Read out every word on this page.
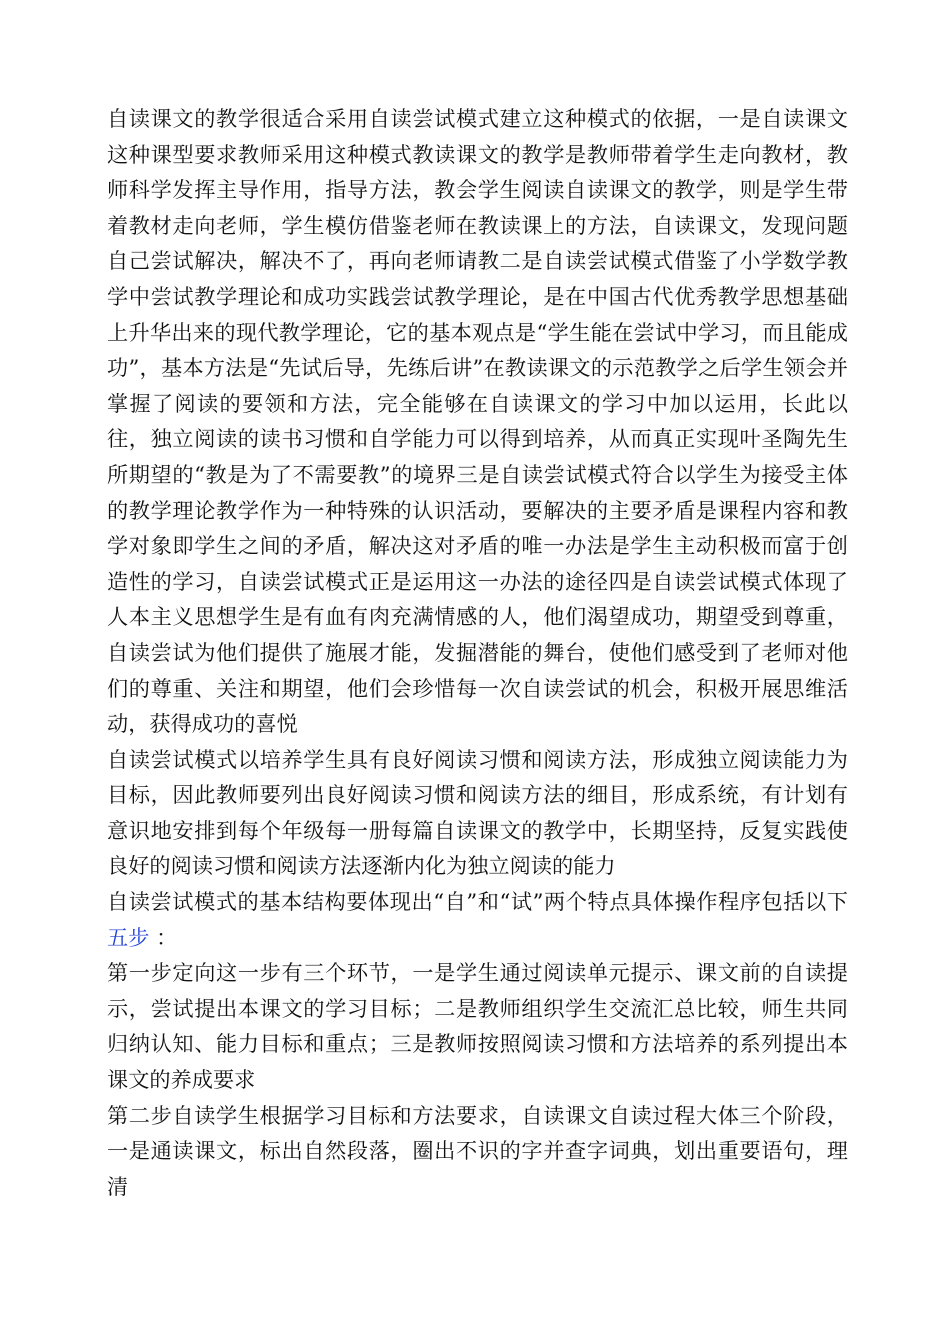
自读课文的教学很适合采用自读尝试模式建立这种模式的依据，一是自读课文这种课型要求教师采用这种模式教读课文的教学是教师带着学生走向教材，教师科学发挥主导作用，指导方法，教会学生阅读自读课文的教学，则是学生带着教材走向老师，学生模仿借鉴老师在教读课上的方法，自读课文，发现问题自己尝试解决，解决不了，再向老师请教二是自读尝试模式借鉴了小学数学教学中尝试教学理论和成功实践尝试教学理论，是在中国古代优秀教学思想基础上升华出来的现代教学理论，它的基本观点是“学生能在尝试中学习，而且能成功”，基本方法是“先试后导，先练后讲”在教读课文的示范教学之后学生领会并掌握了阅读的要领和方法，完全能够在自读课文的学习中加以运用，长此以往，独立阅读的读书习惯和自学能力可以得到培养，从而真正实现叶圣陶先生所期望的“教是为了不需要教”的境界三是自读尝试模式符合以学生为接受主体的教学理论教学作为一种特殊的认识活动，要解决的主要矛盾是课程内容和教学对象即学生之间的矛盾，解决这对矛盾的唯一办法是学生主动积极而富于创造性的学习，自读尝试模式正是运用这一办法的途径四是自读尝试模式体现了人本主义思想学生是有血有肉充满情感的人，他们渴望成功，期望受到尊重，自读尝试为他们提供了施展才能，发掘潜能的舞台，使他们感受到了老师对他们的尊重、关注和期望，他们会珍惜每一次自读尝试的机会，积极开展思维活动，获得成功的喜悦

自读尝试模式以培养学生具有良好阅读习惯和阅读方法，形成独立阅读能力为目标，因此教师要列出良好阅读习惯和阅读方法的细目，形成系统，有计划有意识地安排到每个年级每一册每篇自读课文的教学中，长期坚持，反复实践使良好的阅读习惯和阅读方法逐渐内化为独立阅读的能力

自读尝试模式的基本结构要体现出“自”和“试”两个特点具体操作程序包括以下五步 ：

第一步定向这一步有三个环节，一是学生通过阅读单元提示、课文前的自读提示，尝试提出本课文的学习目标；二是教师组织学生交流汇总比较，师生共同归纳认知、能力目标和重点；三是教师按照阅读习惯和方法培养的系列提出本课文的养成要求

第二步自读学生根据学习目标和方法要求，自读课文自读过程大体三个阶段，一是通读课文，标出自然段落，圈出不识的字并查字词典，划出重要语句，理清
